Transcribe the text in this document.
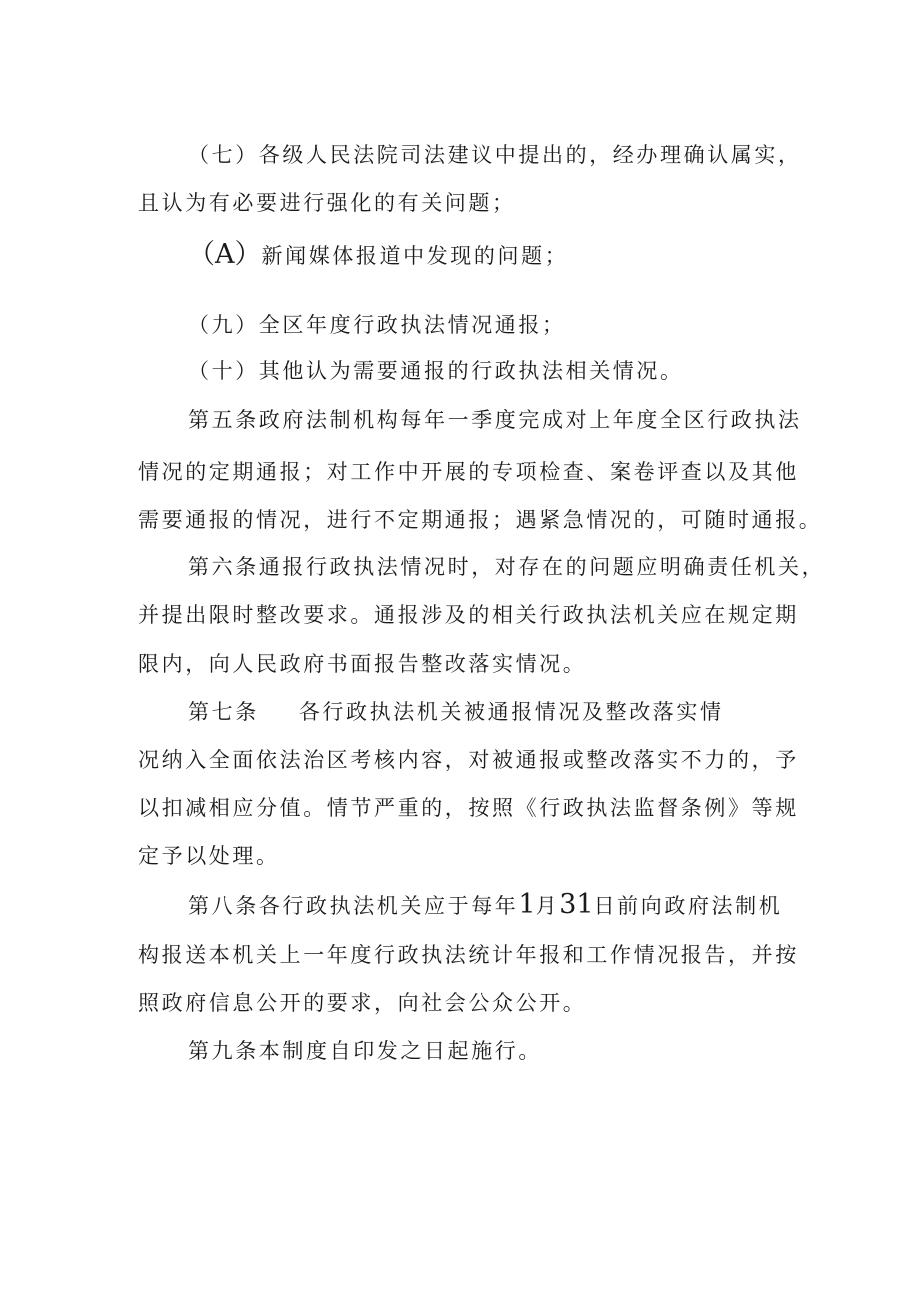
（七）各级人民法院司法建议中提出的，经办理确认属实，

且认为有必要进行强化的有关问题；

（A）新闻媒体报道中发现的问题；

（九）全区年度行政执法情况通报；

（十）其他认为需要通报的行政执法相关情况。

第五条政府法制机构每年一季度完成对上年度全区行政执法

情况的定期通报；对工作中开展的专项检查、案卷评查以及其他

需要通报的情况，进行不定期通报；遇紧急情况的，可随时通报。

第六条通报行政执法情况时，对存在的问题应明确责任机关，

并提出限时整改要求。通报涉及的相关行政执法机关应在规定期

限内，向人民政府书面报告整改落实情况。

第七条 各行政执法机关被通报情况及整改落实情

况纳入全面依法治区考核内容，对被通报或整改落实不力的，予

以扣减相应分值。情节严重的，按照《行政执法监督条例》等规

定予以处理。

第八条各行政执法机关应于每年1月31日前向政府法制机

构报送本机关上一年度行政执法统计年报和工作情况报告，并按

照政府信息公开的要求，向社会公众公开。

第九条本制度自印发之日起施行。
